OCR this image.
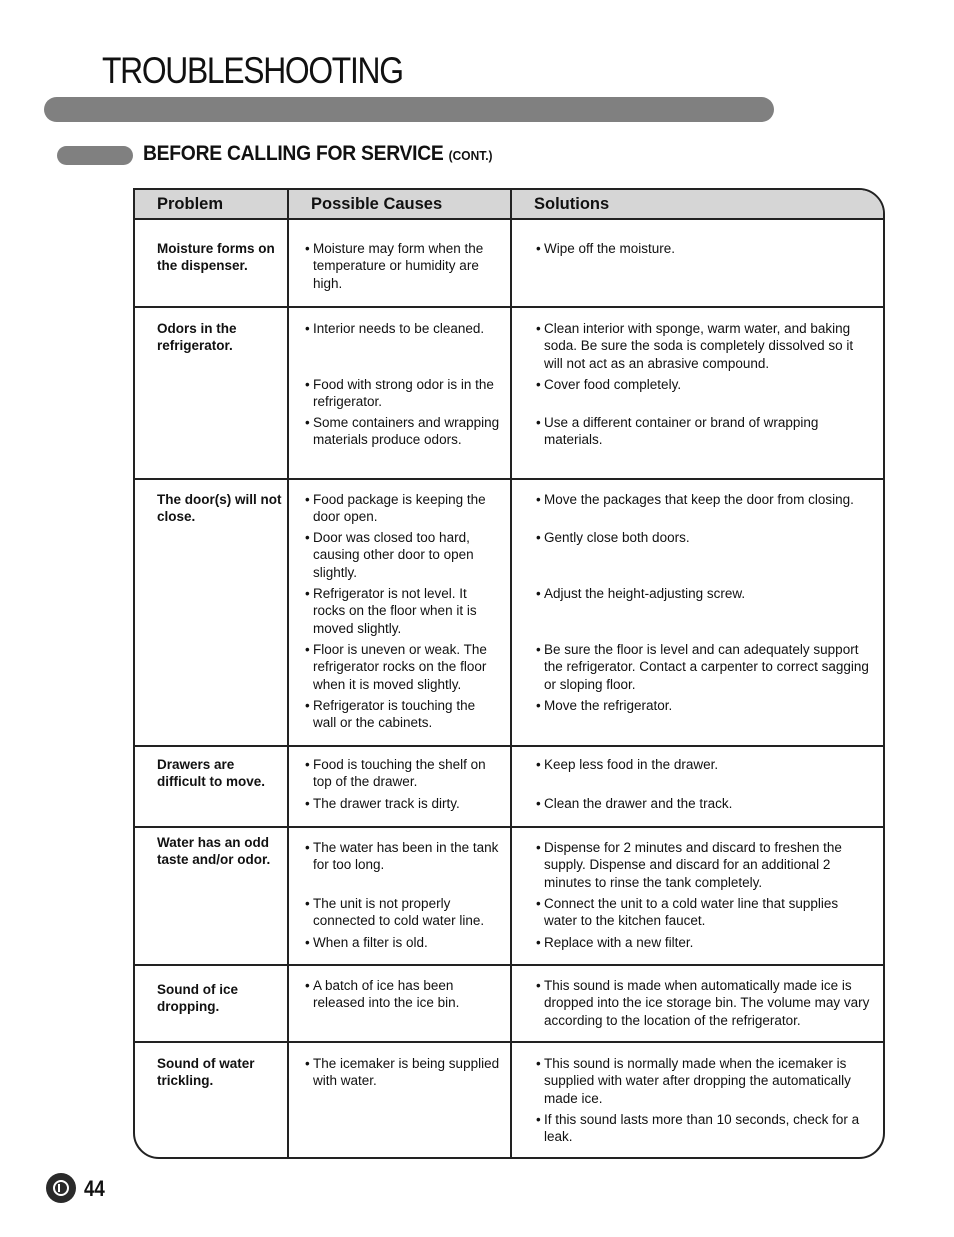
TROUBLESHOOTING
BEFORE CALLING FOR SERVICE (CONT.)
Problem	Possible Causes	Solutions
Moisture forms on the dispenser.
• Moisture may form when the temperature or humidity are high.
• Wipe off the moisture.
Odors in the refrigerator.
• Interior needs to be cleaned.
• Food with strong odor is in the refrigerator.
• Some containers and wrapping materials produce odors.
• Clean interior with sponge, warm water, and baking soda. Be sure the soda is completely dissolved so it will not act as an abrasive compound.
• Cover food completely.
• Use a different container or brand of wrapping materials.
The door(s) will not close.
• Food package is keeping the door open.
• Door was closed too hard, causing other door to open slightly.
• Refrigerator is not level. It rocks on the floor when it is moved slightly.
• Floor is uneven or weak. The refrigerator rocks on the floor when it is moved slightly.
• Refrigerator is touching the wall or the cabinets.
• Move the packages that keep the door from closing.
• Gently close both doors.
• Adjust the height-adjusting screw.
• Be sure the floor is level and can adequately support the refrigerator. Contact a carpenter to correct sagging or sloping floor.
• Move the refrigerator.
Drawers are difficult to move.
• Food is touching the shelf on top of the drawer.
• The drawer track is dirty.
• Keep less food in the drawer.
• Clean the drawer and the track.
Water has an odd taste and/or odor.
• The water has been in the tank for too long.
• The unit is not properly connected to cold water line.
• When a filter is old.
• Dispense for 2 minutes and discard to freshen the supply. Dispense and discard for an additional 2 minutes to rinse the tank completely.
• Connect the unit to a cold water line that supplies water to the kitchen faucet.
• Replace with a new filter.
Sound of ice dropping.
• A batch of ice has been released into the ice bin.
• This sound is made when automatically made ice is dropped into the ice storage bin. The volume may vary according to the location of the refrigerator.
Sound of water trickling.
• The icemaker is being supplied with water.
• This sound is normally made when the icemaker is supplied with water after dropping the automatically made ice.
• If this sound lasts more than 10 seconds, check for a leak.
44
